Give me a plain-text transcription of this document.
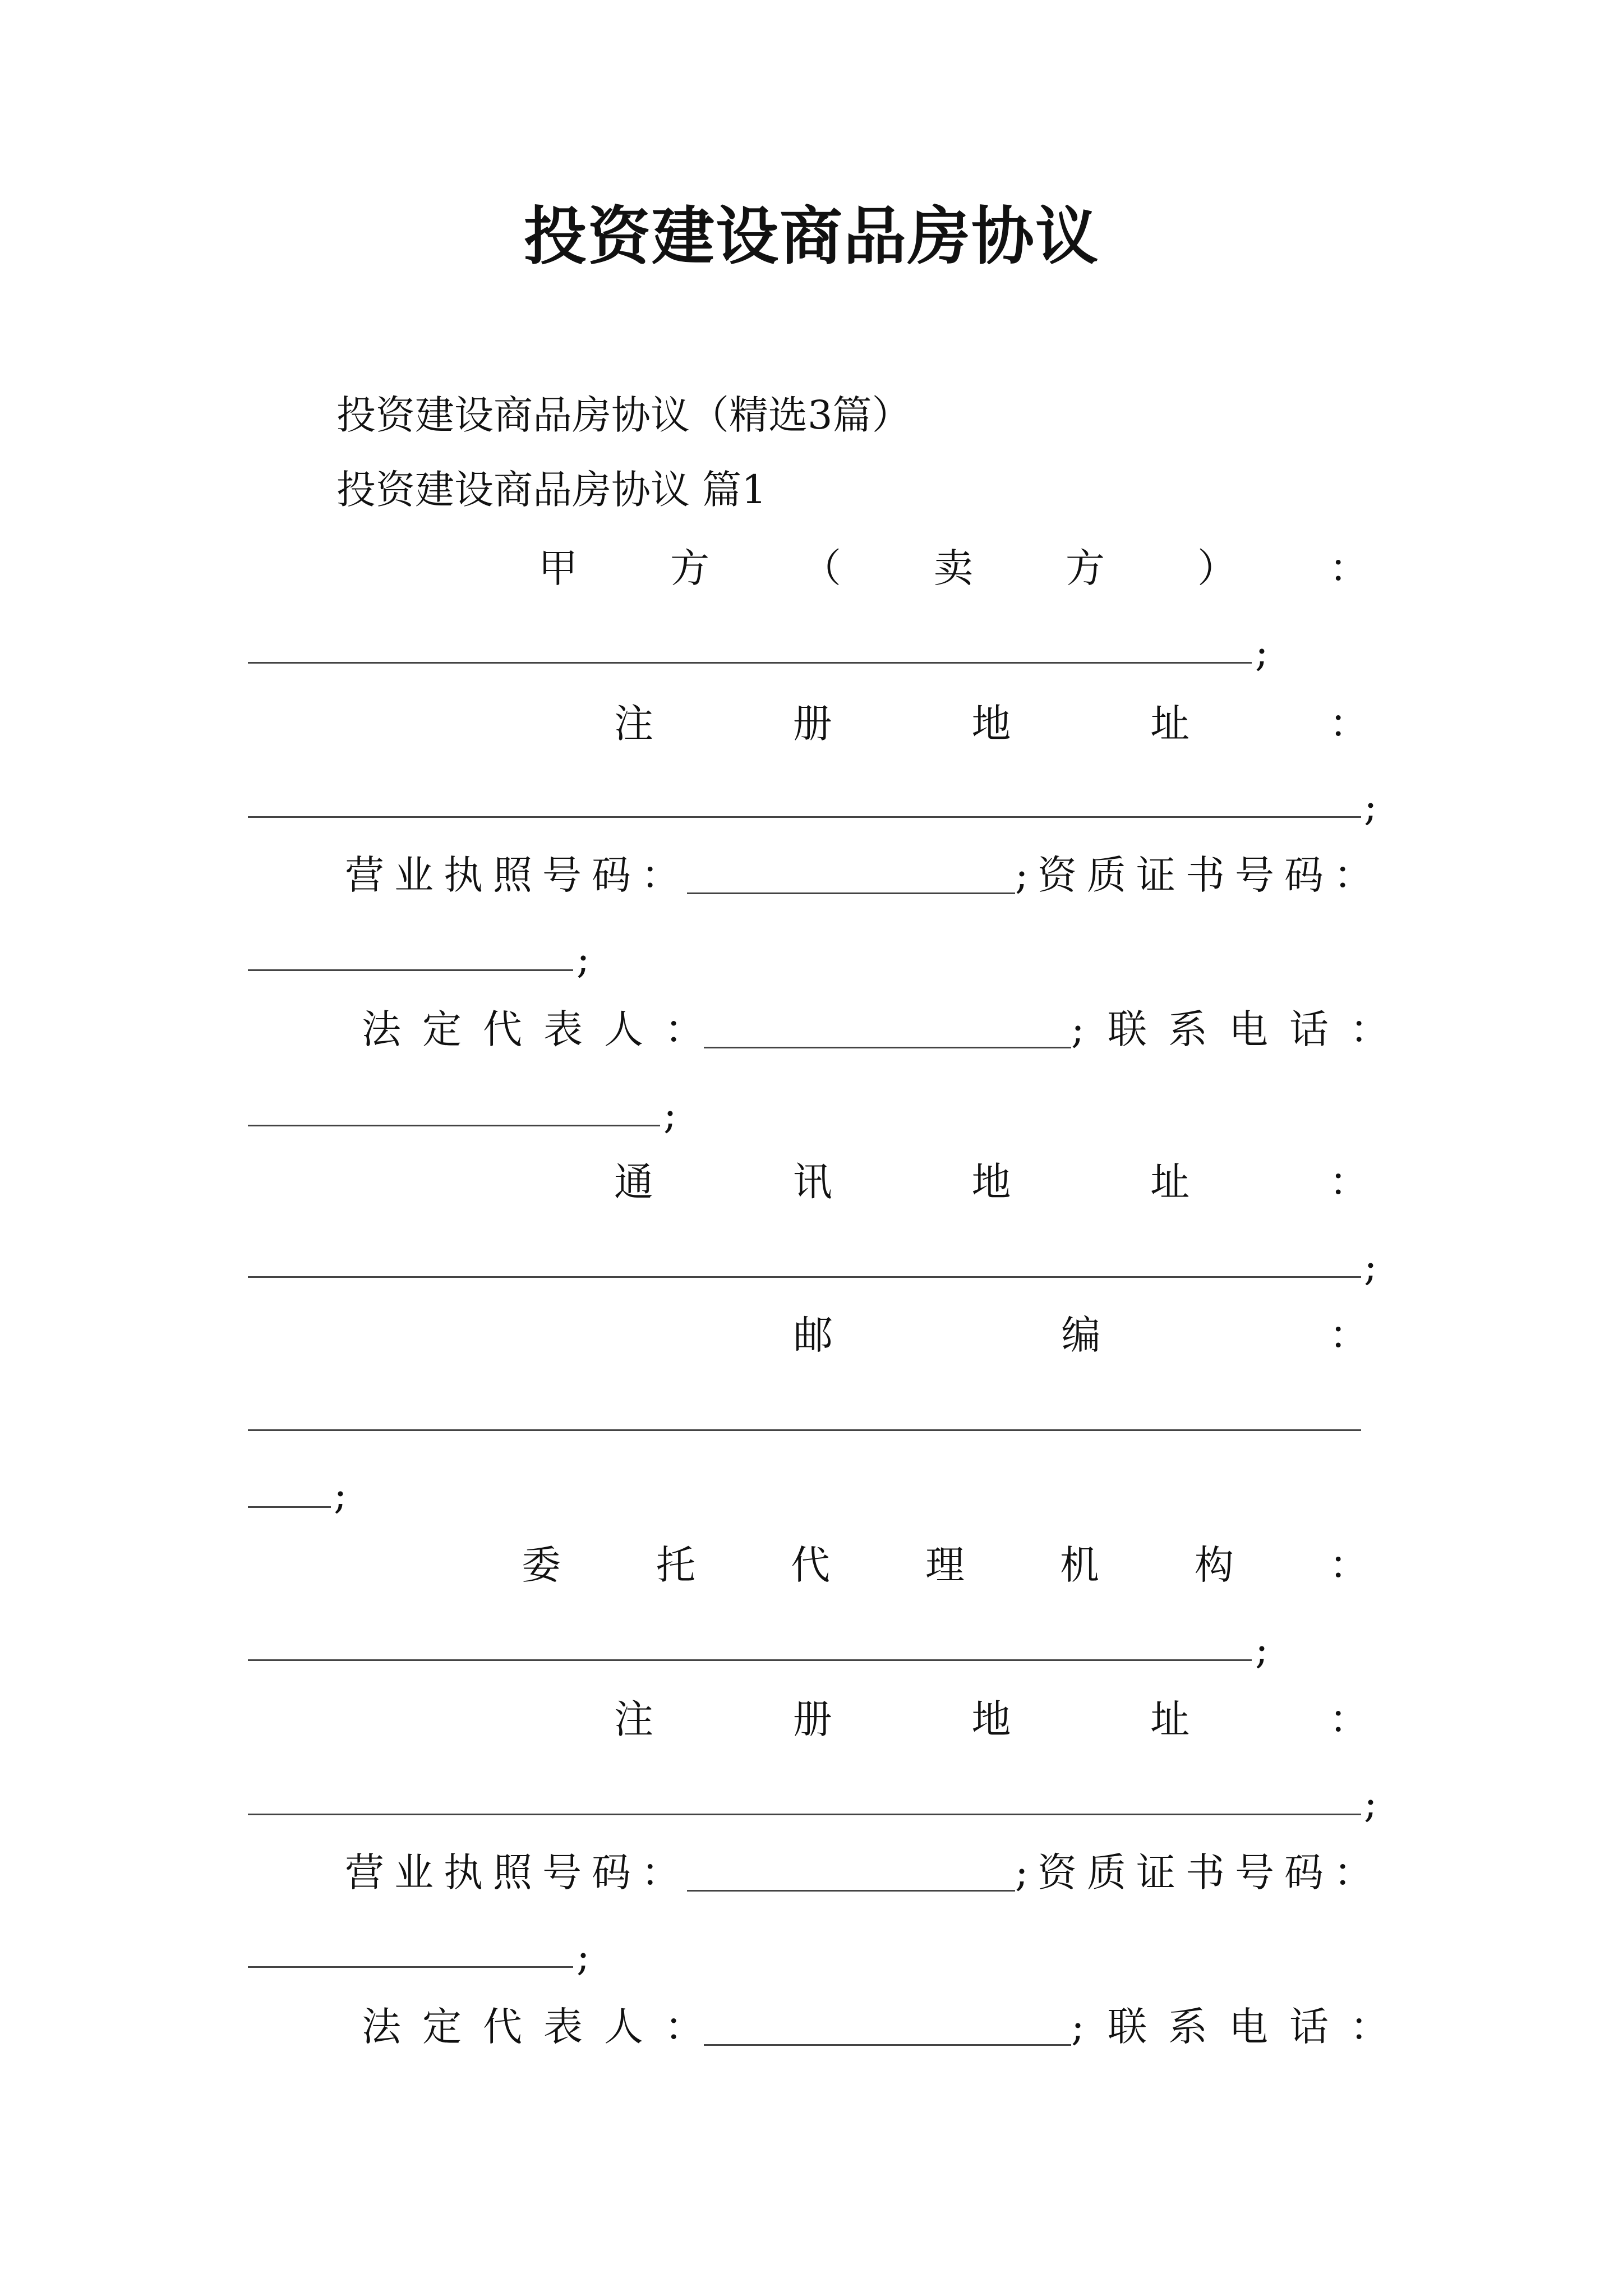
投资建设商品房协议
投资建设商品房协议（精选3篇）
投资建设商品房协议 篇1
甲 方 （ 卖 方 ） ：
;
注	册	地	址	：
;
营业执照号码：	; 资质证书号码：
;
法定代表人：	; 联系电话：
;
通	讯	地	址	：
;
邮	编	：
;
委 托 代 理 机 构 ：
;
注	册	地	址	：
;
营业执照号码：	; 资质证书号码：
;
法定代表人：	; 联系电话：
